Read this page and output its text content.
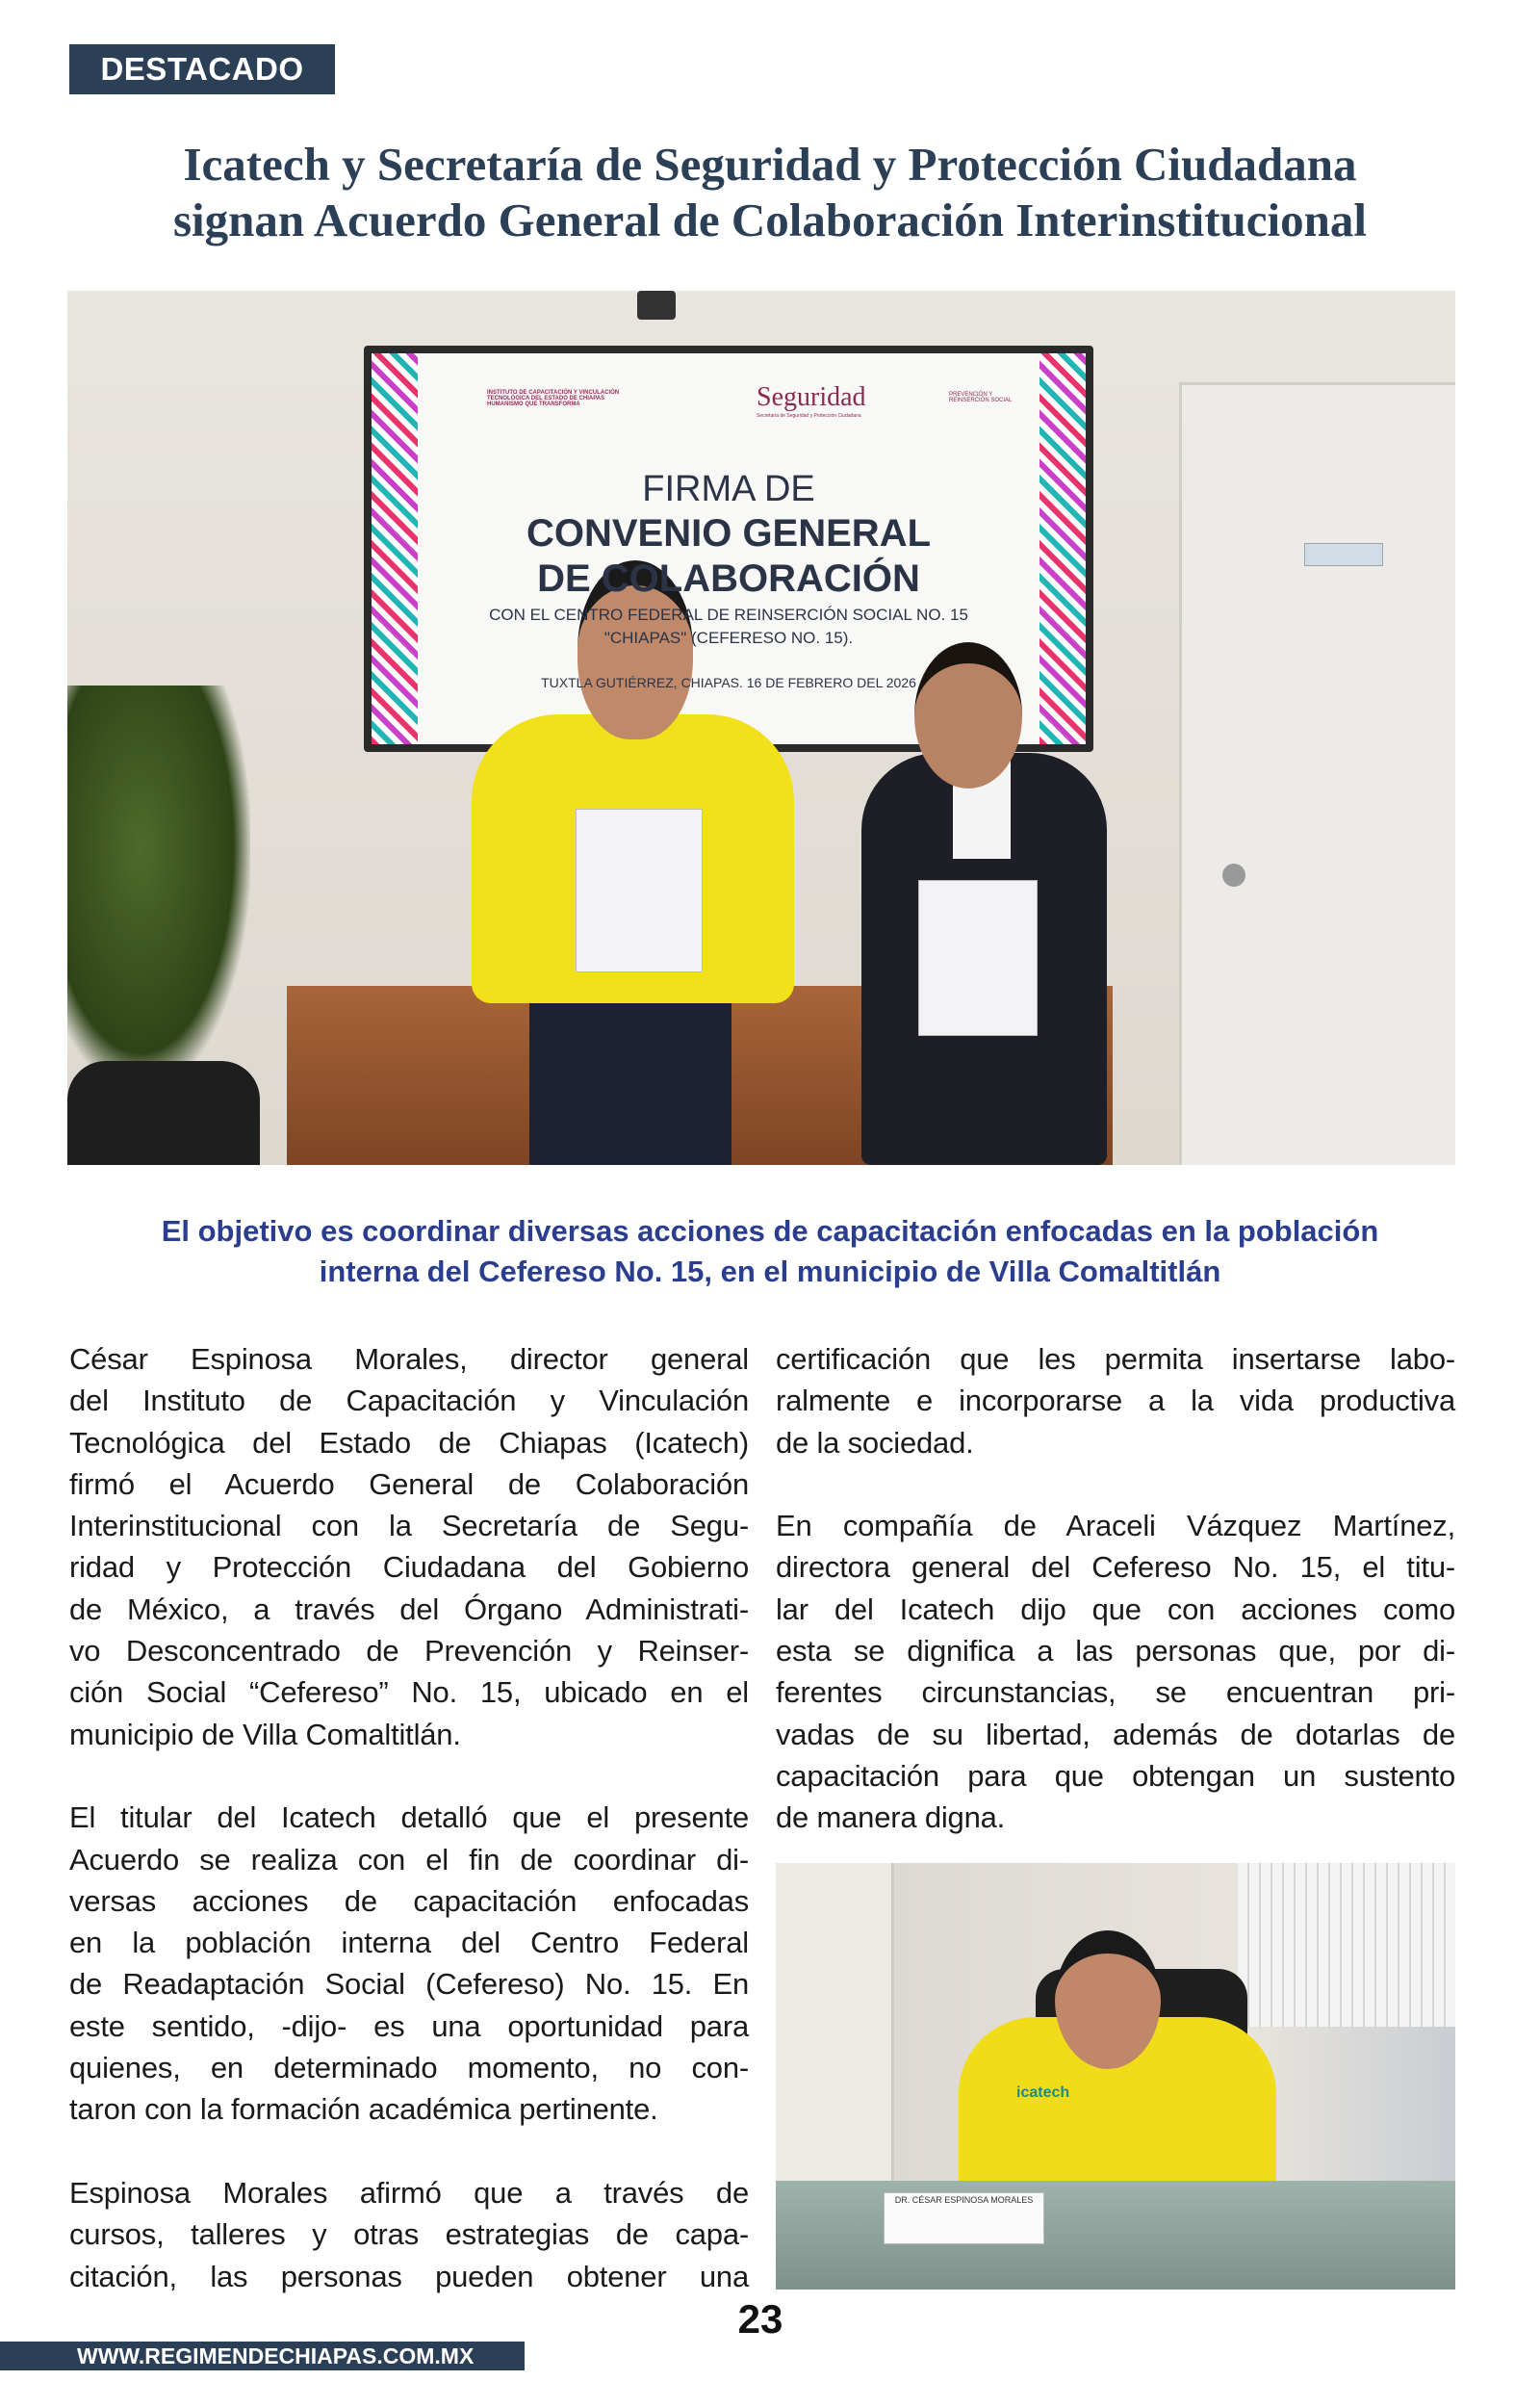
DESTACADO
Icatech y Secretaría de Seguridad y Protección Ciudadana
signan Acuerdo General de Colaboración Interinstitucional
INSTITUTO DE CAPACITACIÓN Y VINCULACIÓN TECNOLÓGICA DEL ESTADO DE CHIAPAS
HUMANISMO QUE TRANSFORMA	Seguridad
Secretaría de Seguridad y Protección Ciudadana
PREVENCIÓN Y REINSERCIÓN SOCIAL
FIRMA DE
CONVENIO GENERAL
DE COLABORACIÓN
CON EL CENTRO FEDERAL DE REINSERCIÓN SOCIAL NO. 15
"CHIAPAS" (CEFERESO NO. 15).
TUXTLA GUTIÉRREZ, CHIAPAS. 16 DE FEBRERO DEL 2026
El objetivo es coordinar diversas acciones de capacitación enfocadas en la población
interna del Cefereso No. 15, en el municipio de Villa Comaltitlán
César Espinosa Morales, director general
del Instituto de Capacitación y Vinculación
Tecnológica del Estado de Chiapas (Icatech)
firmó el Acuerdo General de Colaboración
Interinstitucional con la Secretaría de Segu-
ridad y Protección Ciudadana del Gobierno
de México, a través del Órgano Administrati-
vo Desconcentrado de Prevención y Reinser-
ción Social “Cefereso” No. 15, ubicado en el
municipio de Villa Comaltitlán.
El titular del Icatech detalló que el presente
Acuerdo se realiza con el fin de coordinar di-
versas acciones de capacitación enfocadas
en la población interna del Centro Federal
de Readaptación Social (Cefereso) No. 15. En
este sentido, -dijo- es una oportunidad para
quienes, en determinado momento, no con-
taron con la formación académica pertinente.
Espinosa Morales afirmó que a través de
cursos, talleres y otras estrategias de capa-
citación, las personas pueden obtener una
certificación que les permita insertarse labo-
ralmente e incorporarse a la vida productiva
de la sociedad.
En compañía de Araceli Vázquez Martínez,
directora general del Cefereso No. 15, el titu-
lar del Icatech dijo que con acciones como
esta se dignifica a las personas que, por di-
ferentes circunstancias, se encuentran pri-
vadas de su libertad, además de dotarlas de
capacitación para que obtengan un sustento
de manera digna.
icatech
DR. CÉSAR ESPINOSA MORALES
23
WWW.REGIMENDECHIAPAS.COM.MX
